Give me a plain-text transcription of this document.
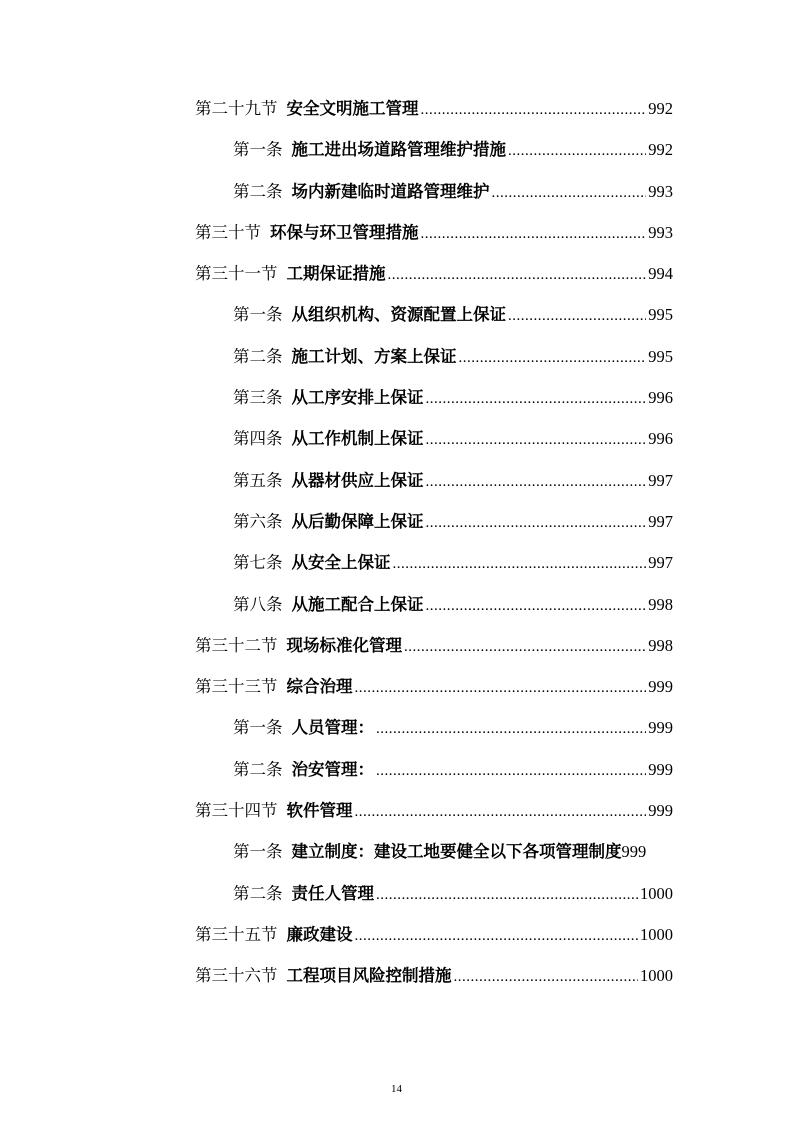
第二十九节 安全文明施工管理 .....	992
第一条 施工进出场道路管理维护措施 .....	992
第二条 场内新建临时道路管理维护 .....	993
第三十节 环保与环卫管理措施 .....	993
第三十一节 工期保证措施 .....	994
第一条 从组织机构、资源配置上保证 .....	995
第二条 施工计划、方案上保证 .....	995
第三条 从工序安排上保证 .....	996
第四条 从工作机制上保证 .....	996
第五条 从器材供应上保证 .....	997
第六条 从后勤保障上保证 .....	997
第七条 从安全上保证 .....	997
第八条 从施工配合上保证 .....	998
第三十二节 现场标准化管理 .....	998
第三十三节 综合治理 .....	999
第一条 人员管理： .....	999
第二条 治安管理： .....	999
第三十四节 软件管理 .....	999
第一条 建立制度：建设工地要健全以下各项管理制度 999
第二条 责任人管理 .....	1000
第三十五节 廉政建设 .....	1000
第三十六节 工程项目风险控制措施 .....	1000
14
